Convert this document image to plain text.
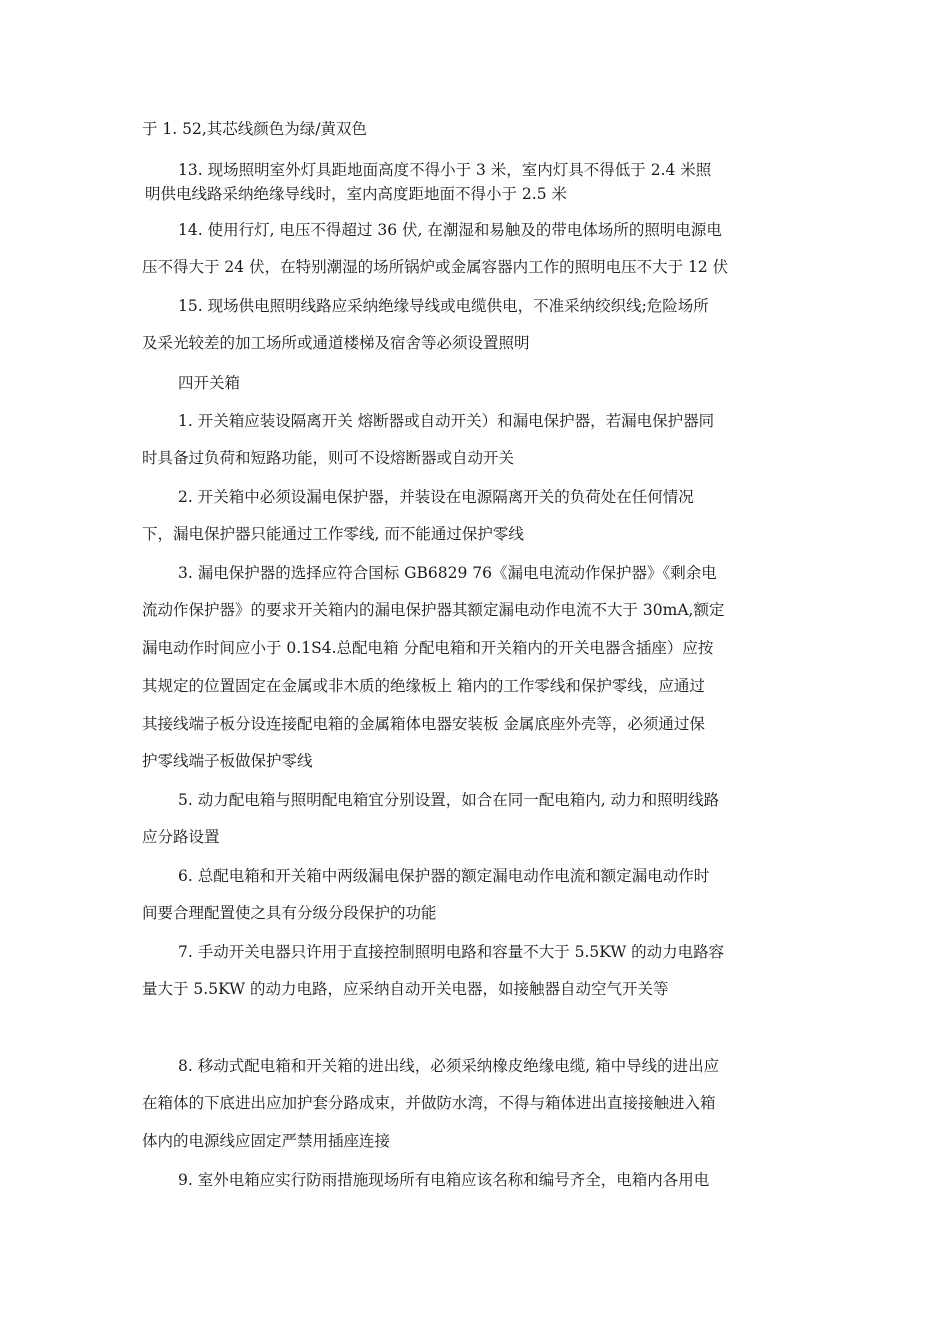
于 1. 52,其芯线颜色为绿/黄双色

13. 现场照明室外灯具距地面高度不得小于 3 米，室内灯具不得低于 2.4 米照

明供电线路采纳绝缘导线时，室内高度距地面不得小于 2.5 米

14. 使用行灯, 电压不得超过 36 伏, 在潮湿和易触及的带电体场所的照明电源电

压不得大于 24 伏，在特别潮湿的场所锅炉或金属容器内工作的照明电压不大于 12 伏

15. 现场供电照明线路应采纳绝缘导线或电缆供电，不准采纳绞织线;危险场所

及采光较差的加工场所或通道楼梯及宿舍等必须设置照明

四开关箱

1. 开关箱应装设隔离开关 熔断器或自动开关）和漏电保护器，若漏电保护器同

时具备过负荷和短路功能，则可不设熔断器或自动开关

2. 开关箱中必须设漏电保护器，并装设在电源隔离开关的负荷处在任何情况

下，漏电保护器只能通过工作零线, 而不能通过保护零线

3. 漏电保护器的选择应符合国标 GB6829 76《漏电电流动作保护器》《剩余电

流动作保护器》的要求开关箱内的漏电保护器其额定漏电动作电流不大于 30mA,额定

漏电动作时间应小于 0.1S4.总配电箱 分配电箱和开关箱内的开关电器含插座）应按

其规定的位置固定在金属或非木质的绝缘板上 箱内的工作零线和保护零线，应通过

其接线端子板分设连接配电箱的金属箱体电器安装板 金属底座外壳等，必须通过保

护零线端子板做保护零线

5. 动力配电箱与照明配电箱宜分别设置，如合在同一配电箱内, 动力和照明线路

应分路设置

6. 总配电箱和开关箱中两级漏电保护器的额定漏电动作电流和额定漏电动作时

间要合理配置使之具有分级分段保护的功能

7. 手动开关电器只许用于直接控制照明电路和容量不大于 5.5KW 的动力电路容

量大于 5.5KW 的动力电路，应采纳自动开关电器，如接触器自动空气开关等

8. 移动式配电箱和开关箱的进出线，必须采纳橡皮绝缘电缆, 箱中导线的进出应

在箱体的下底进出应加护套分路成束，并做防水湾，不得与箱体进出直接接触进入箱

体内的电源线应固定严禁用插座连接

9. 室外电箱应实行防雨措施现场所有电箱应该名称和编号齐全，电箱内各用电
